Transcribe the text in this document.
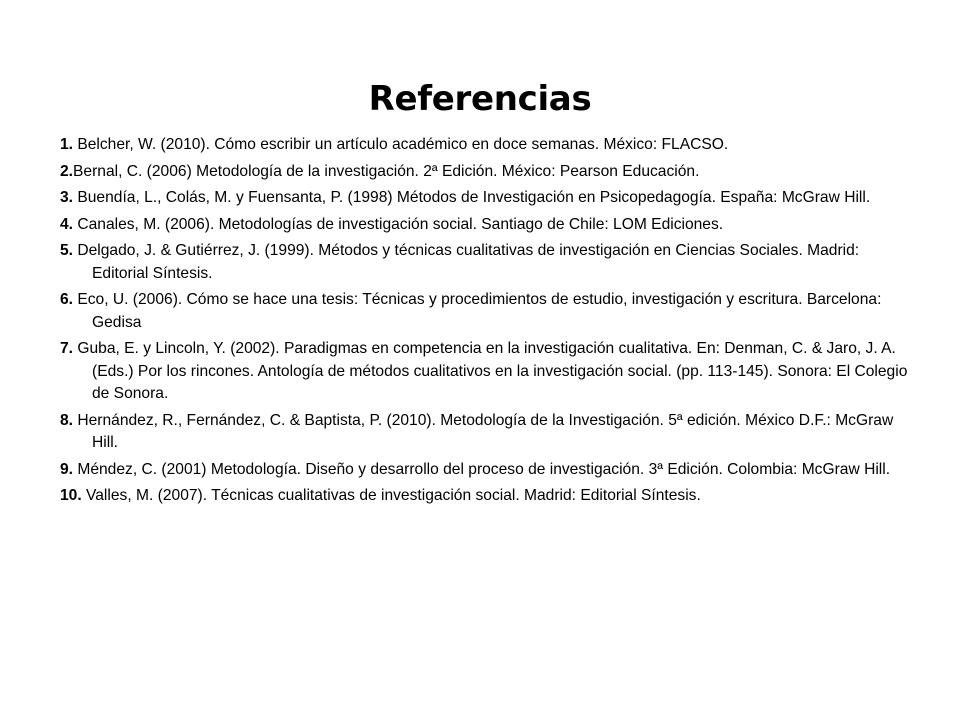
Referencias
1. Belcher, W. (2010). Cómo escribir un artículo académico en doce semanas. México: FLACSO.
2.Bernal, C. (2006) Metodología de la investigación. 2ª Edición. México: Pearson Educación.
3. Buendía, L., Colás, M. y Fuensanta, P. (1998) Métodos de Investigación en Psicopedagogía. España: McGraw Hill.
4. Canales, M. (2006). Metodologías de investigación social. Santiago de Chile: LOM Ediciones.
5. Delgado, J. & Gutiérrez, J. (1999). Métodos y técnicas cualitativas de investigación en Ciencias Sociales. Madrid: Editorial Síntesis.
6. Eco, U. (2006). Cómo se hace una tesis: Técnicas y procedimientos de estudio, investigación y escritura. Barcelona: Gedisa
7. Guba, E. y Lincoln, Y. (2002). Paradigmas en competencia en la investigación cualitativa. En: Denman, C. & Jaro, J. A. (Eds.) Por los rincones. Antología de métodos cualitativos en la investigación social. (pp. 113-145). Sonora: El Colegio de Sonora.
8. Hernández, R., Fernández, C. & Baptista, P. (2010). Metodología de la Investigación. 5ª edición. México D.F.: McGraw Hill.
9. Méndez, C. (2001) Metodología. Diseño y desarrollo del proceso de investigación. 3ª Edición. Colombia: McGraw Hill.
10. Valles, M. (2007). Técnicas cualitativas de investigación social. Madrid: Editorial Síntesis.
